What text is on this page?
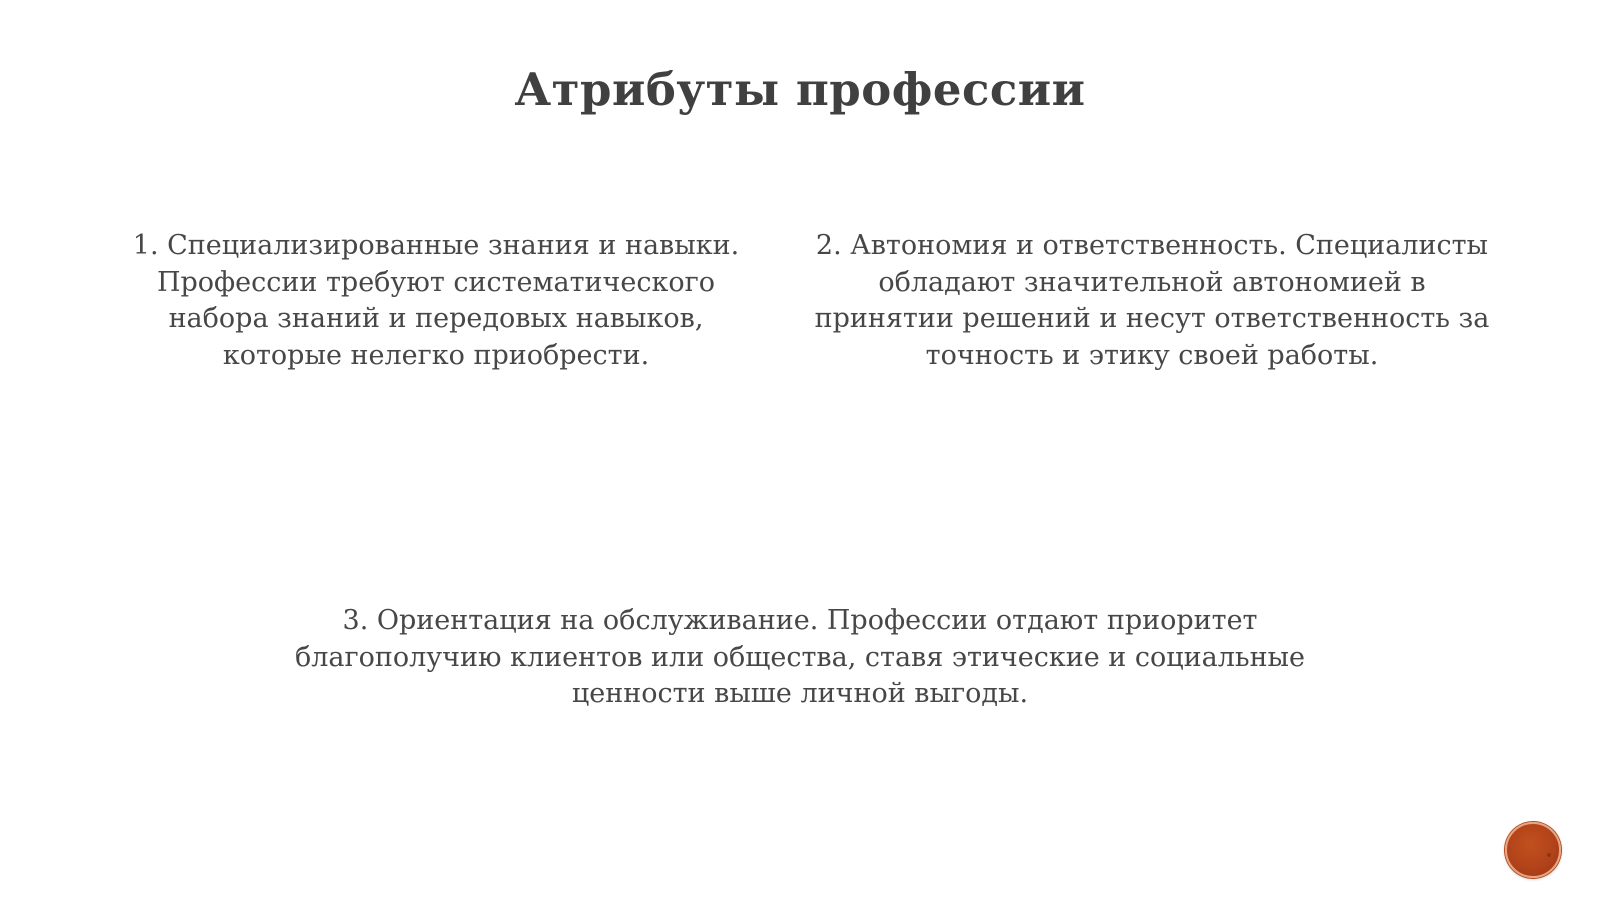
Атрибуты профессии

1. Специализированные знания и навыки. Профессии требуют систематического набора знаний и передовых навыков, которые нелегко приобрести.

2. Автономия и ответственность. Специалисты обладают значительной автономией в принятии решений и несут ответственность за точность и этику своей работы.

3. Ориентация на обслуживание. Профессии отдают приоритет благополучию клиентов или общества, ставя этические и социальные ценности выше личной выгоды.
